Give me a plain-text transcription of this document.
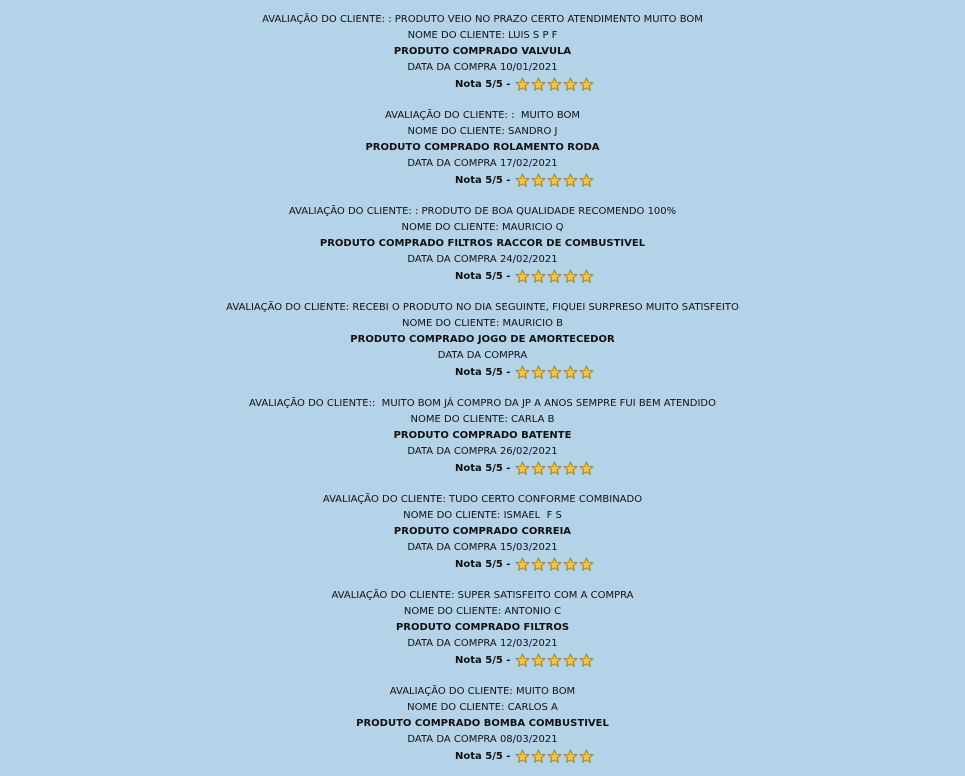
AVALIAÇÃO DO CLIENTE: : PRODUTO VEIO NO PRAZO CERTO ATENDIMENTO MUITO BOM
NOME DO CLIENTE: LUIS S P F
PRODUTO COMPRADO VALVULA
DATA DA COMPRA 10/01/2021
Nota 5/5 -
AVALIAÇÃO DO CLIENTE: :  MUITO BOM
NOME DO CLIENTE: SANDRO J
PRODUTO COMPRADO ROLAMENTO RODA
DATA DA COMPRA 17/02/2021
Nota 5/5 -
AVALIAÇÃO DO CLIENTE: : PRODUTO DE BOA QUALIDADE RECOMENDO 100%
NOME DO CLIENTE: MAURICIO Q
PRODUTO COMPRADO FILTROS RACCOR DE COMBUSTIVEL
DATA DA COMPRA 24/02/2021
Nota 5/5 -
AVALIAÇÃO DO CLIENTE: RECEBI O PRODUTO NO DIA SEGUINTE, FIQUEI SURPRESO MUITO SATISFEITO
NOME DO CLIENTE: MAURICIO B
PRODUTO COMPRADO JOGO DE AMORTECEDOR
DATA DA COMPRA
Nota 5/5 -
AVALIAÇÃO DO CLIENTE::  MUITO BOM JÁ COMPRO DA JP A ANOS SEMPRE FUI BEM ATENDIDO
NOME DO CLIENTE: CARLA B
PRODUTO COMPRADO BATENTE
DATA DA COMPRA 26/02/2021
Nota 5/5 -
AVALIAÇÃO DO CLIENTE: TUDO CERTO CONFORME COMBINADO
NOME DO CLIENTE: ISMAEL  F S
PRODUTO COMPRADO CORREIA
DATA DA COMPRA 15/03/2021
Nota 5/5 -
AVALIAÇÃO DO CLIENTE: SUPER SATISFEITO COM A COMPRA
NOME DO CLIENTE: ANTONIO C
PRODUTO COMPRADO FILTROS
DATA DA COMPRA 12/03/2021
Nota 5/5 -
AVALIAÇÃO DO CLIENTE: MUITO BOM
NOME DO CLIENTE: CARLOS A
PRODUTO COMPRADO BOMBA COMBUSTIVEL
DATA DA COMPRA 08/03/2021
Nota 5/5 -
